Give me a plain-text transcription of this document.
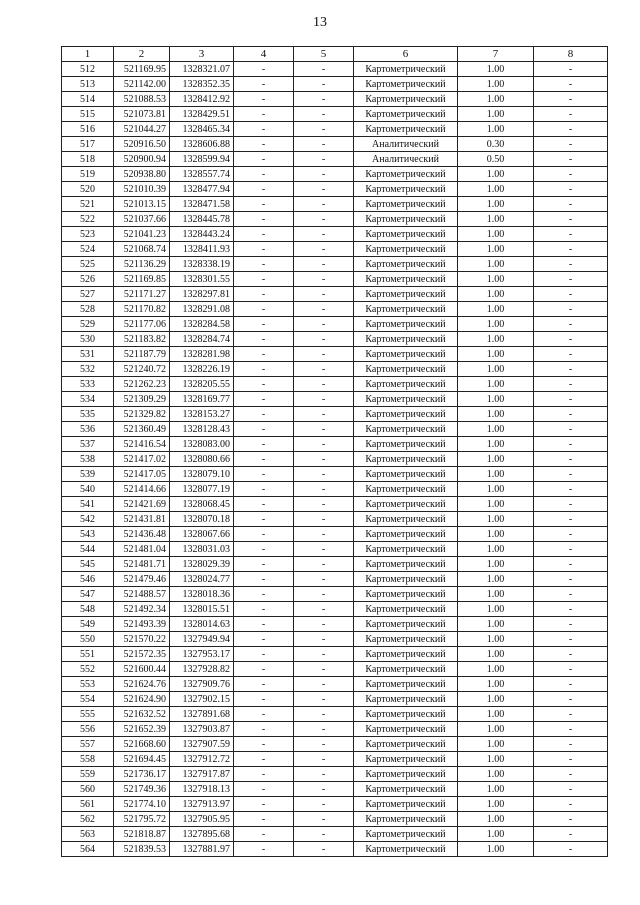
13
1	2	3	4	5	6	7	8
512	521169.95	1328321.07	-	-	Картометрический	1.00	-
513	521142.00	1328352.35	-	-	Картометрический	1.00	-
514	521088.53	1328412.92	-	-	Картометрический	1.00	-
515	521073.81	1328429.51	-	-	Картометрический	1.00	-
516	521044.27	1328465.34	-	-	Картометрический	1.00	-
517	520916.50	1328606.88	-	-	Аналитический	0.30	-
518	520900.94	1328599.94	-	-	Аналитический	0.50	-
519	520938.80	1328557.74	-	-	Картометрический	1.00	-
520	521010.39	1328477.94	-	-	Картометрический	1.00	-
521	521013.15	1328471.58	-	-	Картометрический	1.00	-
522	521037.66	1328445.78	-	-	Картометрический	1.00	-
523	521041.23	1328443.24	-	-	Картометрический	1.00	-
524	521068.74	1328411.93	-	-	Картометрический	1.00	-
525	521136.29	1328338.19	-	-	Картометрический	1.00	-
526	521169.85	1328301.55	-	-	Картометрический	1.00	-
527	521171.27	1328297.81	-	-	Картометрический	1.00	-
528	521170.82	1328291.08	-	-	Картометрический	1.00	-
529	521177.06	1328284.58	-	-	Картометрический	1.00	-
530	521183.82	1328284.74	-	-	Картометрический	1.00	-
531	521187.79	1328281.98	-	-	Картометрический	1.00	-
532	521240.72	1328226.19	-	-	Картометрический	1.00	-
533	521262.23	1328205.55	-	-	Картометрический	1.00	-
534	521309.29	1328169.77	-	-	Картометрический	1.00	-
535	521329.82	1328153.27	-	-	Картометрический	1.00	-
536	521360.49	1328128.43	-	-	Картометрический	1.00	-
537	521416.54	1328083.00	-	-	Картометрический	1.00	-
538	521417.02	1328080.66	-	-	Картометрический	1.00	-
539	521417.05	1328079.10	-	-	Картометрический	1.00	-
540	521414.66	1328077.19	-	-	Картометрический	1.00	-
541	521421.69	1328068.45	-	-	Картометрический	1.00	-
542	521431.81	1328070.18	-	-	Картометрический	1.00	-
543	521436.48	1328067.66	-	-	Картометрический	1.00	-
544	521481.04	1328031.03	-	-	Картометрический	1.00	-
545	521481.71	1328029.39	-	-	Картометрический	1.00	-
546	521479.46	1328024.77	-	-	Картометрический	1.00	-
547	521488.57	1328018.36	-	-	Картометрический	1.00	-
548	521492.34	1328015.51	-	-	Картометрический	1.00	-
549	521493.39	1328014.63	-	-	Картометрический	1.00	-
550	521570.22	1327949.94	-	-	Картометрический	1.00	-
551	521572.35	1327953.17	-	-	Картометрический	1.00	-
552	521600.44	1327928.82	-	-	Картометрический	1.00	-
553	521624.76	1327909.76	-	-	Картометрический	1.00	-
554	521624.90	1327902.15	-	-	Картометрический	1.00	-
555	521632.52	1327891.68	-	-	Картометрический	1.00	-
556	521652.39	1327903.87	-	-	Картометрический	1.00	-
557	521668.60	1327907.59	-	-	Картометрический	1.00	-
558	521694.45	1327912.72	-	-	Картометрический	1.00	-
559	521736.17	1327917.87	-	-	Картометрический	1.00	-
560	521749.36	1327918.13	-	-	Картометрический	1.00	-
561	521774.10	1327913.97	-	-	Картометрический	1.00	-
562	521795.72	1327905.95	-	-	Картометрический	1.00	-
563	521818.87	1327895.68	-	-	Картометрический	1.00	-
564	521839.53	1327881.97	-	-	Картометрический	1.00	-
